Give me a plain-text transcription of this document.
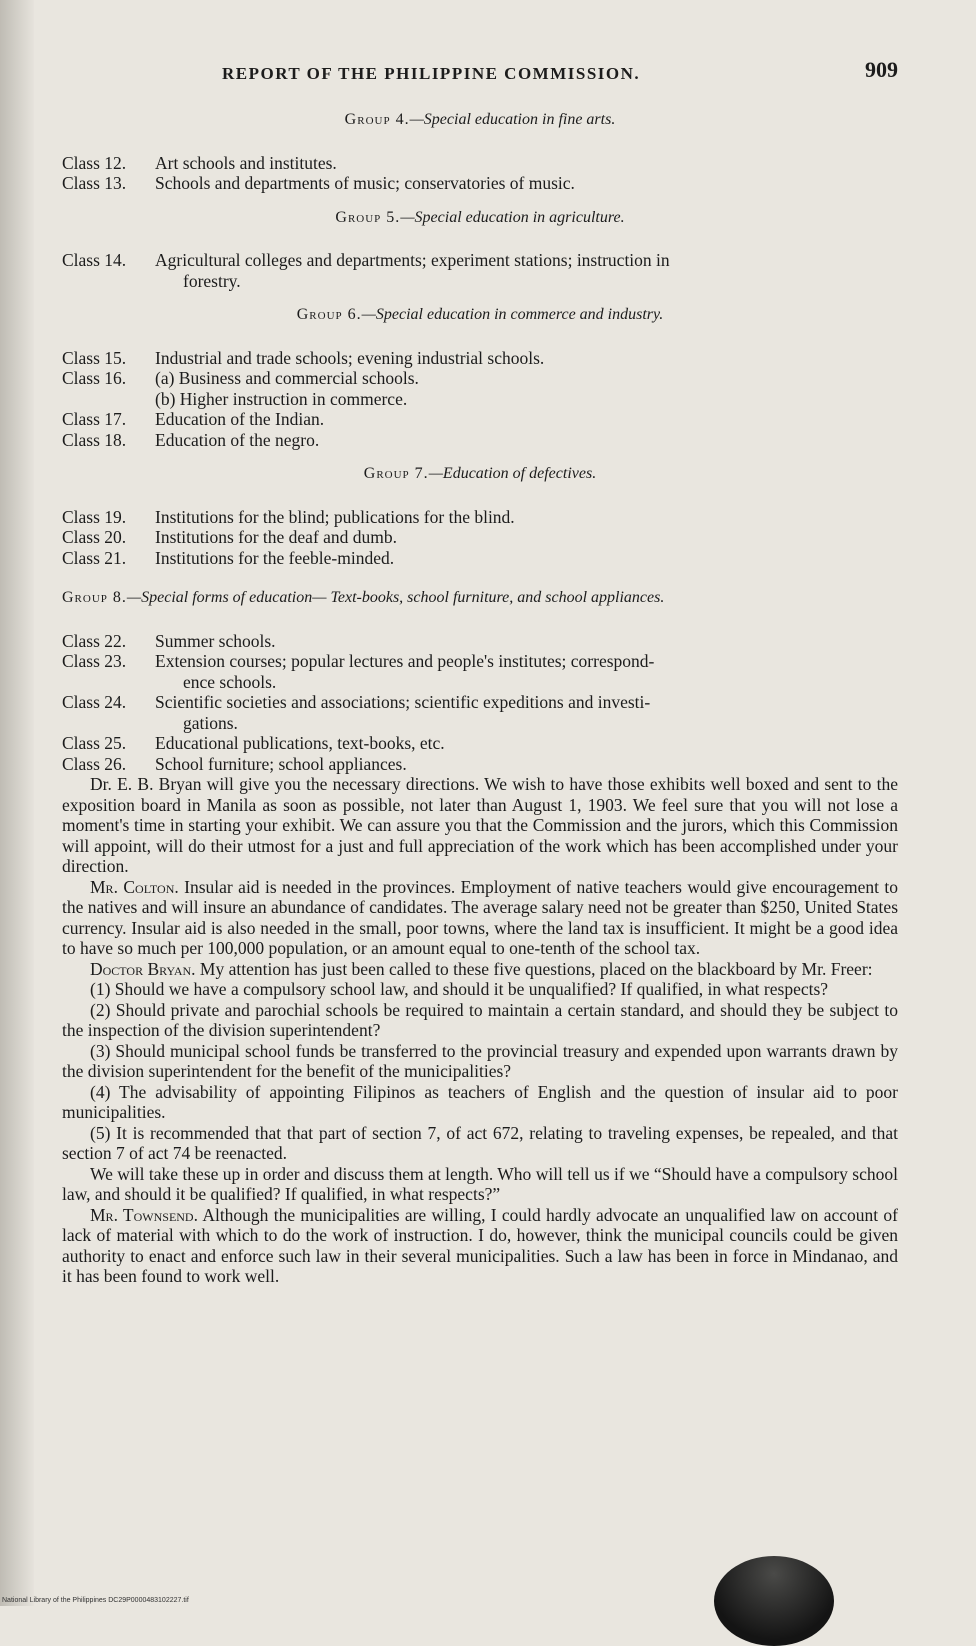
REPORT OF THE PHILIPPINE COMMISSION.	909
Group 4.—Special education in fine arts.
Class 12.	Art schools and institutes.
Class 13.	Schools and departments of music; conservatories of music.
Group 5.—Special education in agriculture.
Class 14.	Agricultural colleges and departments; experiment stations; instruction in
forestry.
Group 6.—Special education in commerce and industry.
Class 15.	Industrial and trade schools; evening industrial schools.
Class 16.	(a) Business and commercial schools.
(b) Higher instruction in commerce.
Class 17.	Education of the Indian.
Class 18.	Education of the negro.
Group 7.—Education of defectives.
Class 19.	Institutions for the blind; publications for the blind.
Class 20.	Institutions for the deaf and dumb.
Class 21.	Institutions for the feeble-minded.
Group 8.—Special forms of education— Text-books, school furniture, and school appliances.
Class 22.	Summer schools.
Class 23.	Extension courses; popular lectures and people's institutes; correspond-
ence schools.
Class 24.	Scientific societies and associations; scientific expeditions and investi-
gations.
Class 25.	Educational publications, text-books, etc.
Class 26.	School furniture; school appliances.

Dr. E. B. Bryan will give you the necessary directions. We wish to have those exhibits well boxed and sent to the exposition board in Manila as soon as possible, not later than August 1, 1903. We feel sure that you will not lose a moment's time in starting your exhibit. We can assure you that the Commission and the jurors, which this Commission will appoint, will do their utmost for a just and full appreciation of the work which has been accomplished under your direction.

Mr. Colton. Insular aid is needed in the provinces. Employment of native teachers would give encouragement to the natives and will insure an abundance of candidates. The average salary need not be greater than $250, United States currency. Insular aid is also needed in the small, poor towns, where the land tax is insufficient. It might be a good idea to have so much per 100,000 population, or an amount equal to one-tenth of the school tax.

Doctor Bryan. My attention has just been called to these five questions, placed on the blackboard by Mr. Freer:

(1) Should we have a compulsory school law, and should it be unqualified? If qualified, in what respects?

(2) Should private and parochial schools be required to maintain a certain standard, and should they be subject to the inspection of the division superintendent?

(3) Should municipal school funds be transferred to the provincial treasury and expended upon warrants drawn by the division superintendent for the benefit of the municipalities?

(4) The advisability of appointing Filipinos as teachers of English and the question of insular aid to poor municipalities.

(5) It is recommended that that part of section 7, of act 672, relating to traveling expenses, be repealed, and that section 7 of act 74 be reenacted.

We will take these up in order and discuss them at length. Who will tell us if we “Should have a compulsory school law, and should it be qualified? If qualified, in what respects?”

Mr. Townsend. Although the municipalities are willing, I could hardly advocate an unqualified law on account of lack of material with which to do the work of instruction. I do, however, think the municipal councils could be given authority to enact and enforce such law in their several municipalities. Such a law has been in force in Mindanao, and it has been found to work well.

National Library of the Philippines DC29P0000483102227.tif
